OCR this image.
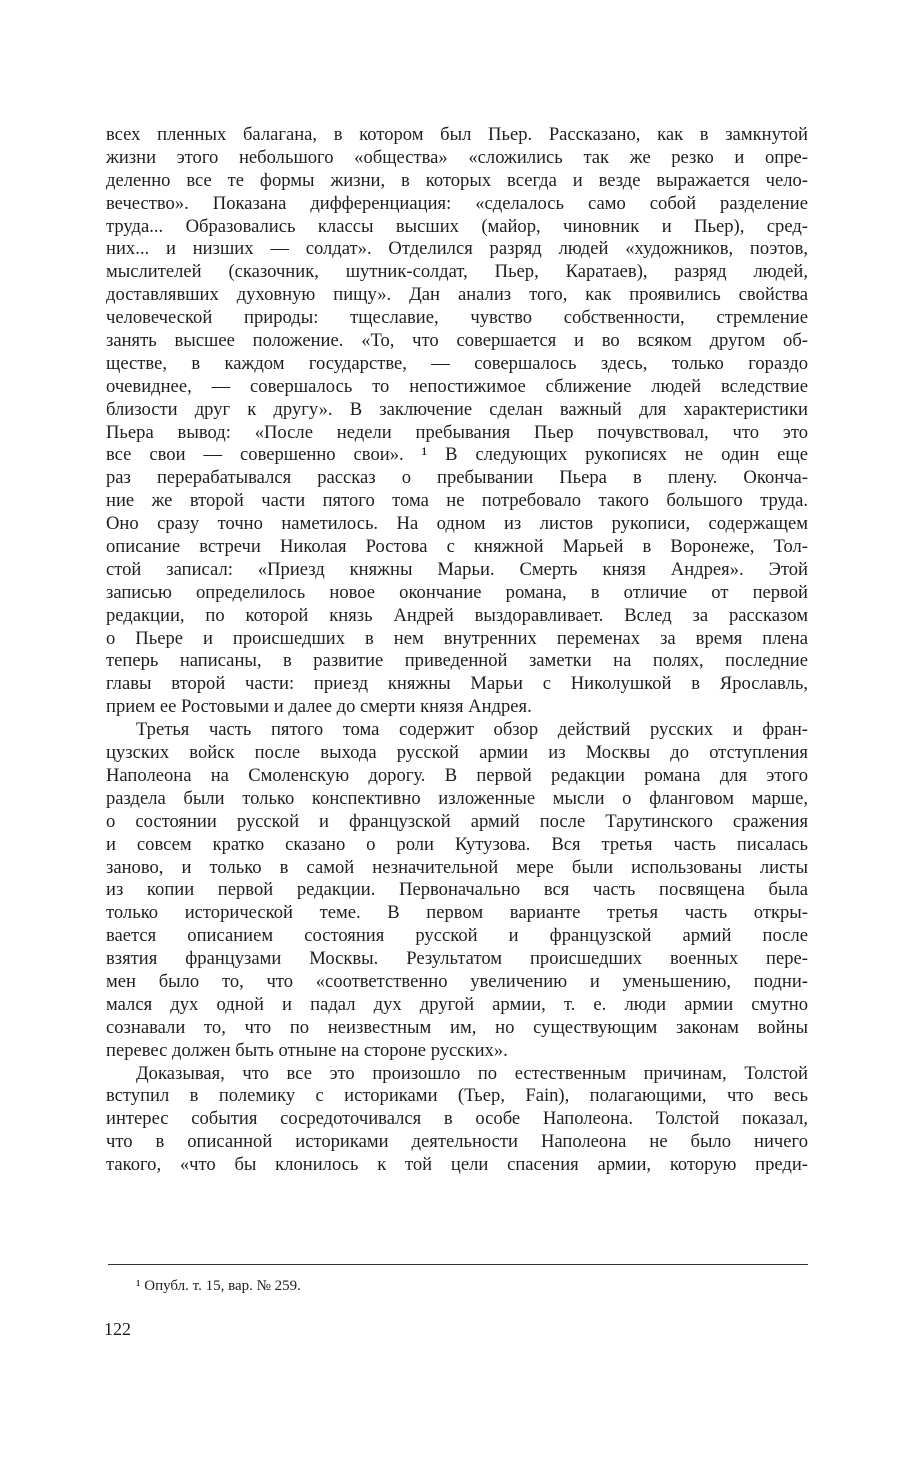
всех пленных балагана, в котором был Пьер. Рассказано, как в замкнутой
жизни этого небольшого «общества» «сложились так же резко и опре-
деленно все те формы жизни, в которых всегда и везде выражается чело-
вечество». Показана дифференциация: «сделалось само собой разделение
труда... Образовались классы высших (майор, чиновник и Пьер), сред-
них... и низших — солдат». Отделился разряд людей «художников, поэтов,
мыслителей (сказочник, шутник-солдат, Пьер, Каратаев), разряд людей,
доставлявших духовную пищу». Дан анализ того, как проявились свойства
человеческой природы: тщеславие, чувство собственности, стремление
занять высшее положение. «То, что совершается и во всяком другом об-
ществе, в каждом государстве, — совершалось здесь, только гораздо
очевиднее, — совершалось то непостижимое сближение людей вследствие
близости друг к другу». В заключение сделан важный для характеристики
Пьера вывод: «После недели пребывания Пьер почувствовал, что это
все свои — совершенно свои». ¹ В следующих рукописях не один еще
раз перерабатывался рассказ о пребывании Пьера в плену. Оконча-
ние же второй части пятого тома не потребовало такого большого труда.
Оно сразу точно наметилось. На одном из листов рукописи, содержащем
описание встречи Николая Ростова с княжной Марьей в Воронеже, Тол-
стой записал: «Приезд княжны Марьи. Смерть князя Андрея». Этой
записью определилось новое окончание романа, в отличие от первой
редакции, по которой князь Андрей выздоравливает. Вслед за рассказом
о Пьере и происшедших в нем внутренних переменах за время плена
теперь написаны, в развитие приведенной заметки на полях, последние
главы второй части: приезд княжны Марьи с Николушкой в Ярославль,
прием ее Ростовыми и далее до смерти князя Андрея.
Третья часть пятого тома содержит обзор действий русских и фран-
цузских войск после выхода русской армии из Москвы до отступления
Наполеона на Смоленскую дорогу. В первой редакции романа для этого
раздела были только конспективно изложенные мысли о фланговом марше,
о состоянии русской и французской армий после Тарутинского сражения
и совсем кратко сказано о роли Кутузова. Вся третья часть писалась
заново, и только в самой незначительной мере были использованы листы
из копии первой редакции. Первоначально вся часть посвящена была
только исторической теме. В первом варианте третья часть откры-
вается описанием состояния русской и французской армий после
взятия французами Москвы. Результатом происшедших военных пере-
мен было то, что «соответственно увеличению и уменьшению, подни-
мался дух одной и падал дух другой армии, т. е. люди армии смутно
сознавали то, что по неизвестным им, но существующим законам войны
перевес должен быть отныне на стороне русских».
Доказывая, что все это произошло по естественным причинам, Толстой
вступил в полемику с историками (Тьер, Fain), полагающими, что весь
интерес события сосредоточивался в особе Наполеона. Толстой показал,
что в описанной историками деятельности Наполеона не было ничего
такого, «что бы клонилось к той цели спасения армии, которую преди-
¹ Опубл. т. 15, вар. № 259.
122
